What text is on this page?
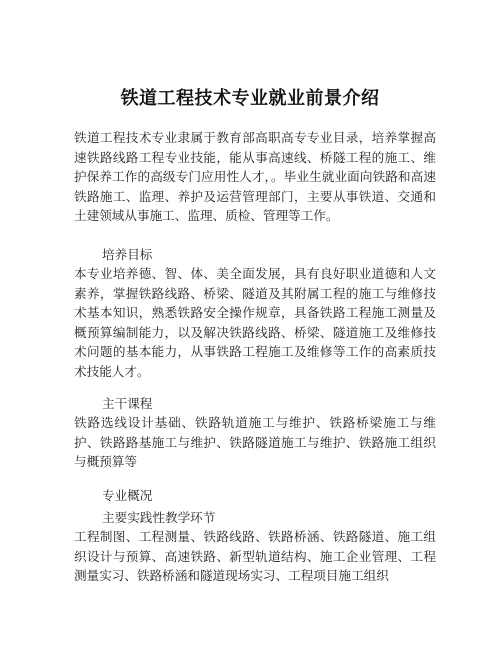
铁道工程技术专业就业前景介绍

铁道工程技术专业隶属于教育部高职高专专业目录，培养掌握高速铁路线路工程专业技能，能从事高速线、桥隧工程的施工、维护保养工作的高级专门应用性人才，。毕业生就业面向铁路和高速铁路施工、监理、养护及运营管理部门，主要从事铁道、交通和土建领域从事施工、监理、质检、管理等工作。

培养目标

本专业培养德、智、体、美全面发展，具有良好职业道德和人文素养，掌握铁路线路、桥梁、隧道及其附属工程的施工与维修技术基本知识，熟悉铁路安全操作规章，具备铁路工程施工测量及概预算编制能力，以及解决铁路线路、桥梁、隧道施工及维修技术问题的基本能力，从事铁路工程施工及维修等工作的高素质技术技能人才。

主干课程

铁路选线设计基础、铁路轨道施工与维护、铁路桥梁施工与维护、铁路路基施工与维护、铁路隧道施工与维护、铁路施工组织与概预算等

专业概况

主要实践性教学环节

工程制图、工程测量、铁路线路、铁路桥涵、铁路隧道、施工组织设计与预算、高速铁路、新型轨道结构、施工企业管理、工程测量实习、铁路桥涵和隧道现场实习、工程项目施工组织
